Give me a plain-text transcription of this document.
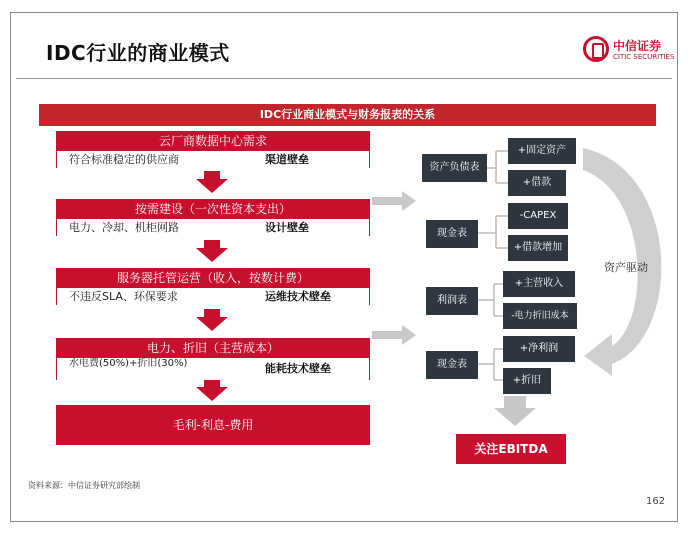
IDC行业的商业模式	中信证券
CITIC SECURITIES
IDC行业商业模式与财务报表的关系
云厂商数据中心需求
符合标准稳定的供应商	渠道壁垒
按需建设（一次性资本支出）
电力、冷却、机柜网路	设计壁垒
服务器托管运营（收入，按数计费）
不违反SLA、环保要求	运维技术壁垒
电力、折旧（主营成本）
水电费(50%)+折旧(30%)	能耗技术壁垒
毛利-利息-费用
资产负债表
+固定资产
+借款
现金表
-CAPEX
+借款增加
利润表
+主营收入
-电力折旧成本
现金表
+净利润
+折旧
资产驱动
关注EBITDA
资料来源：中信证券研究部绘制
162
